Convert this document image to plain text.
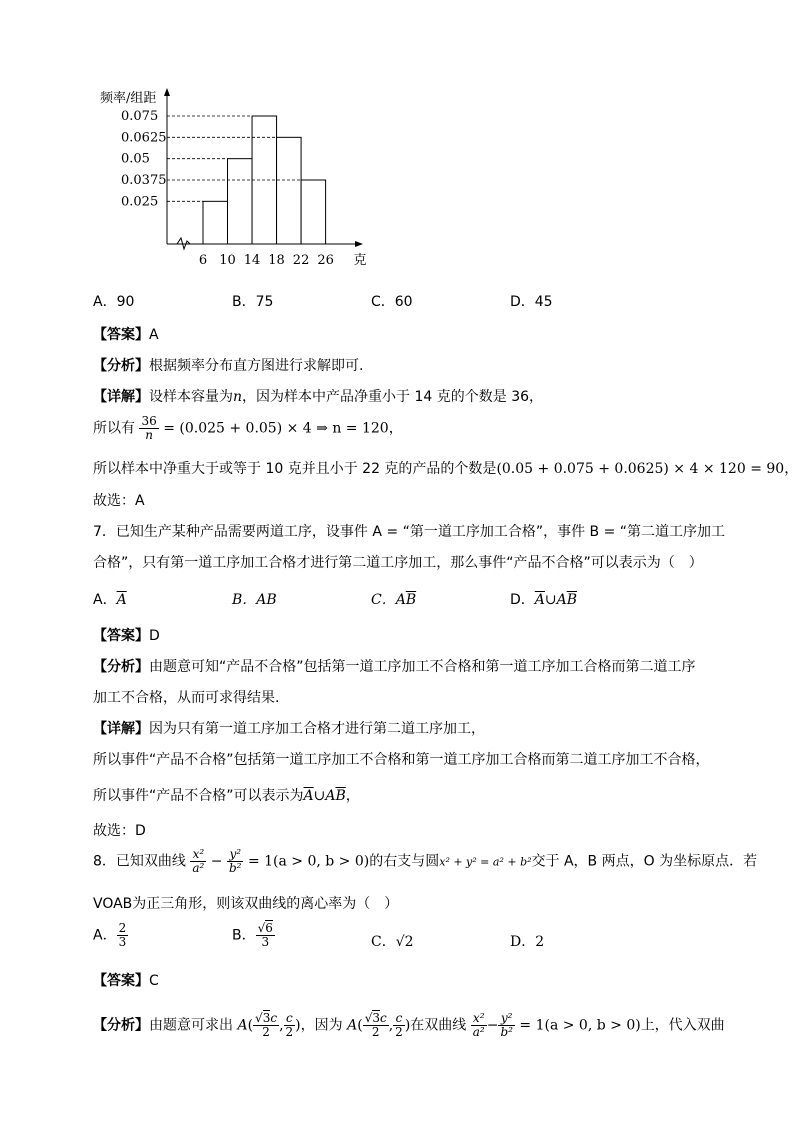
频率/组距
0.075
0.0625
0.05
0.0375
0.025
6 10 14 18 22 26 克
A．90	B．75	C．60	D．45
【答案】A
【分析】根据频率分布直方图进行求解即可.
【详解】设样本容量为n，因为样本中产品净重小于 14 克的个数是 36，
所以有 $\frac{36}{n} = (0.025 + 0.05) \times 4$ ⇒ n = 120，
所以样本中净重大于或等于 10 克并且小于 22 克的产品的个数是(0.05 + 0.075 + 0.0625) × 4 × 120 = 90，
故选：A
7．已知生产某种产品需要两道工序，设事件 A = “第一道工序加工合格”，事件 B = “第二道工序加工
合格”，只有第一道工序加工合格才进行第二道工序加工，那么事件“产品不合格”可以表示为（　）
A．$\overline{A}$	B．AB	C．$A\overline{B}$	D．$\overline{A}\cup A\overline{B}$
【答案】D
【分析】由题意可知“产品不合格”包括第一道工序加工不合格和第一道工序加工合格而第二道工序
加工不合格，从而可求得结果.
【详解】因为只有第一道工序加工合格才进行第二道工序加工，
所以事件“产品不合格”包括第一道工序加工不合格和第一道工序加工合格而第二道工序加工不合格，
所以事件“产品不合格”可以表示为$\overline{A}\cup A\overline{B}$，
故选：D
8．已知双曲线 $\frac{\text{x²}}{\text{a²}} - \frac{\text{y²}}{\text{b²}} = 1(a > 0$, b > 0)的右支与圆x² + y² = a² + b²交于 A，B 两点，O 为坐标原点．若
VOAB为正三角形，则该双曲线的离心率为（　）
A． $\frac{2}{3}$	B． $\frac{√6}{3}$	C．√2	D．2
【答案】C
【分析】由题意可求出 $A( \frac{√3c}{2}$ , $\frac{c}{2}$ )，因为 $A( \frac{√3c}{2}$ , $\frac{c}{2}$ )在双曲线 $\frac{\text{x²}}{\text{a²}} - \frac{\text{y²}}{\text{b²}} = 1(a > 0$, b > 0)上，代入双曲
